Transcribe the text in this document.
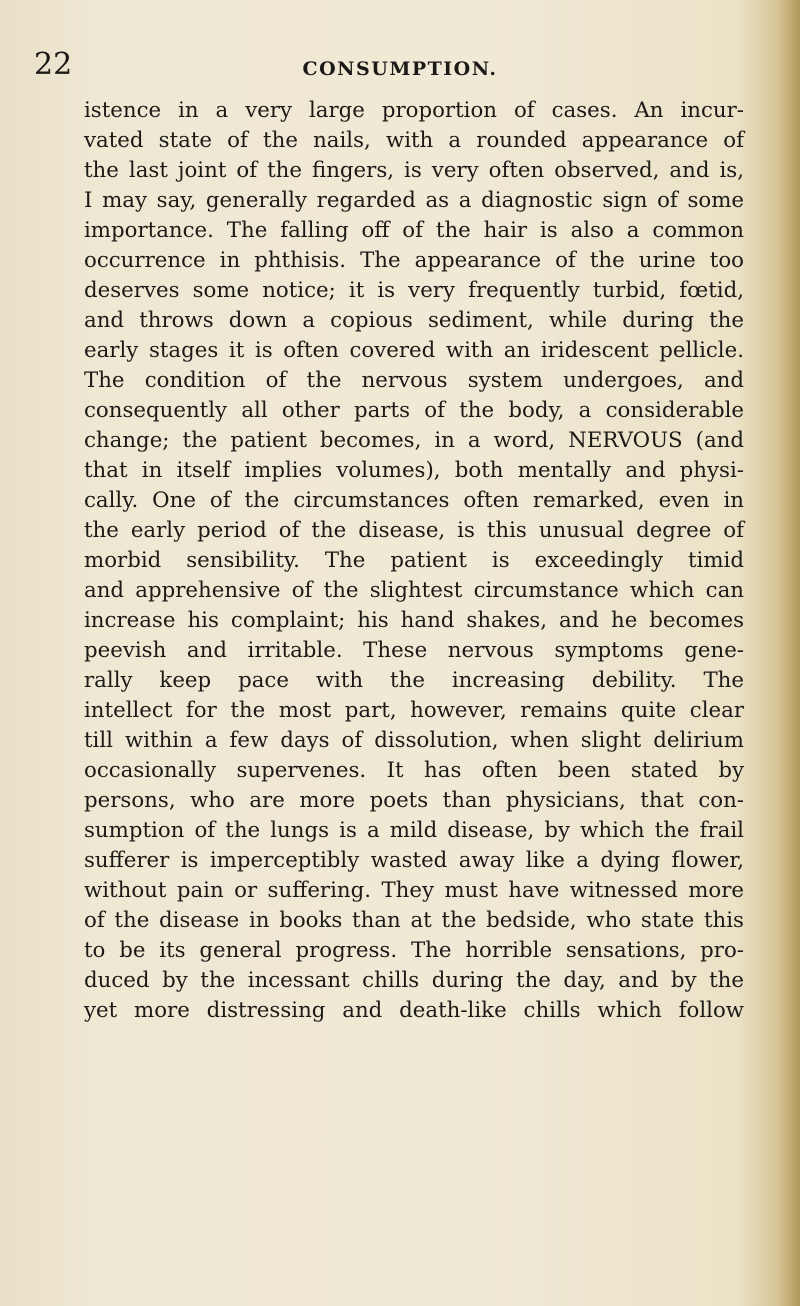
22	CONSUMPTION.
istence in a very large proportion of cases. An incur-
vated state of the nails, with a rounded appearance of
the last joint of the fingers, is very often observed, and is,
I may say, generally regarded as a diagnostic sign of some
importance. The falling off of the hair is also a common
occurrence in phthisis. The appearance of the urine too
deserves some notice; it is very frequently turbid, fœtid,
and throws down a copious sediment, while during the
early stages it is often covered with an iridescent pellicle.
The condition of the nervous system undergoes, and
consequently all other parts of the body, a considerable
change; the patient becomes, in a word, NERVOUS (and
that in itself implies volumes), both mentally and physi-
cally. One of the circumstances often remarked, even in
the early period of the disease, is this unusual degree of
morbid sensibility. The patient is exceedingly timid
and apprehensive of the slightest circumstance which can
increase his complaint; his hand shakes, and he becomes
peevish and irritable. These nervous symptoms gene-
rally keep pace with the increasing debility. The
intellect for the most part, however, remains quite clear
till within a few days of dissolution, when slight delirium
occasionally supervenes. It has often been stated by
persons, who are more poets than physicians, that con-
sumption of the lungs is a mild disease, by which the frail
sufferer is imperceptibly wasted away like a dying flower,
without pain or suffering. They must have witnessed more
of the disease in books than at the bedside, who state this
to be its general progress. The horrible sensations, pro-
duced by the incessant chills during the day, and by the
yet more distressing and death-like chills which follow
